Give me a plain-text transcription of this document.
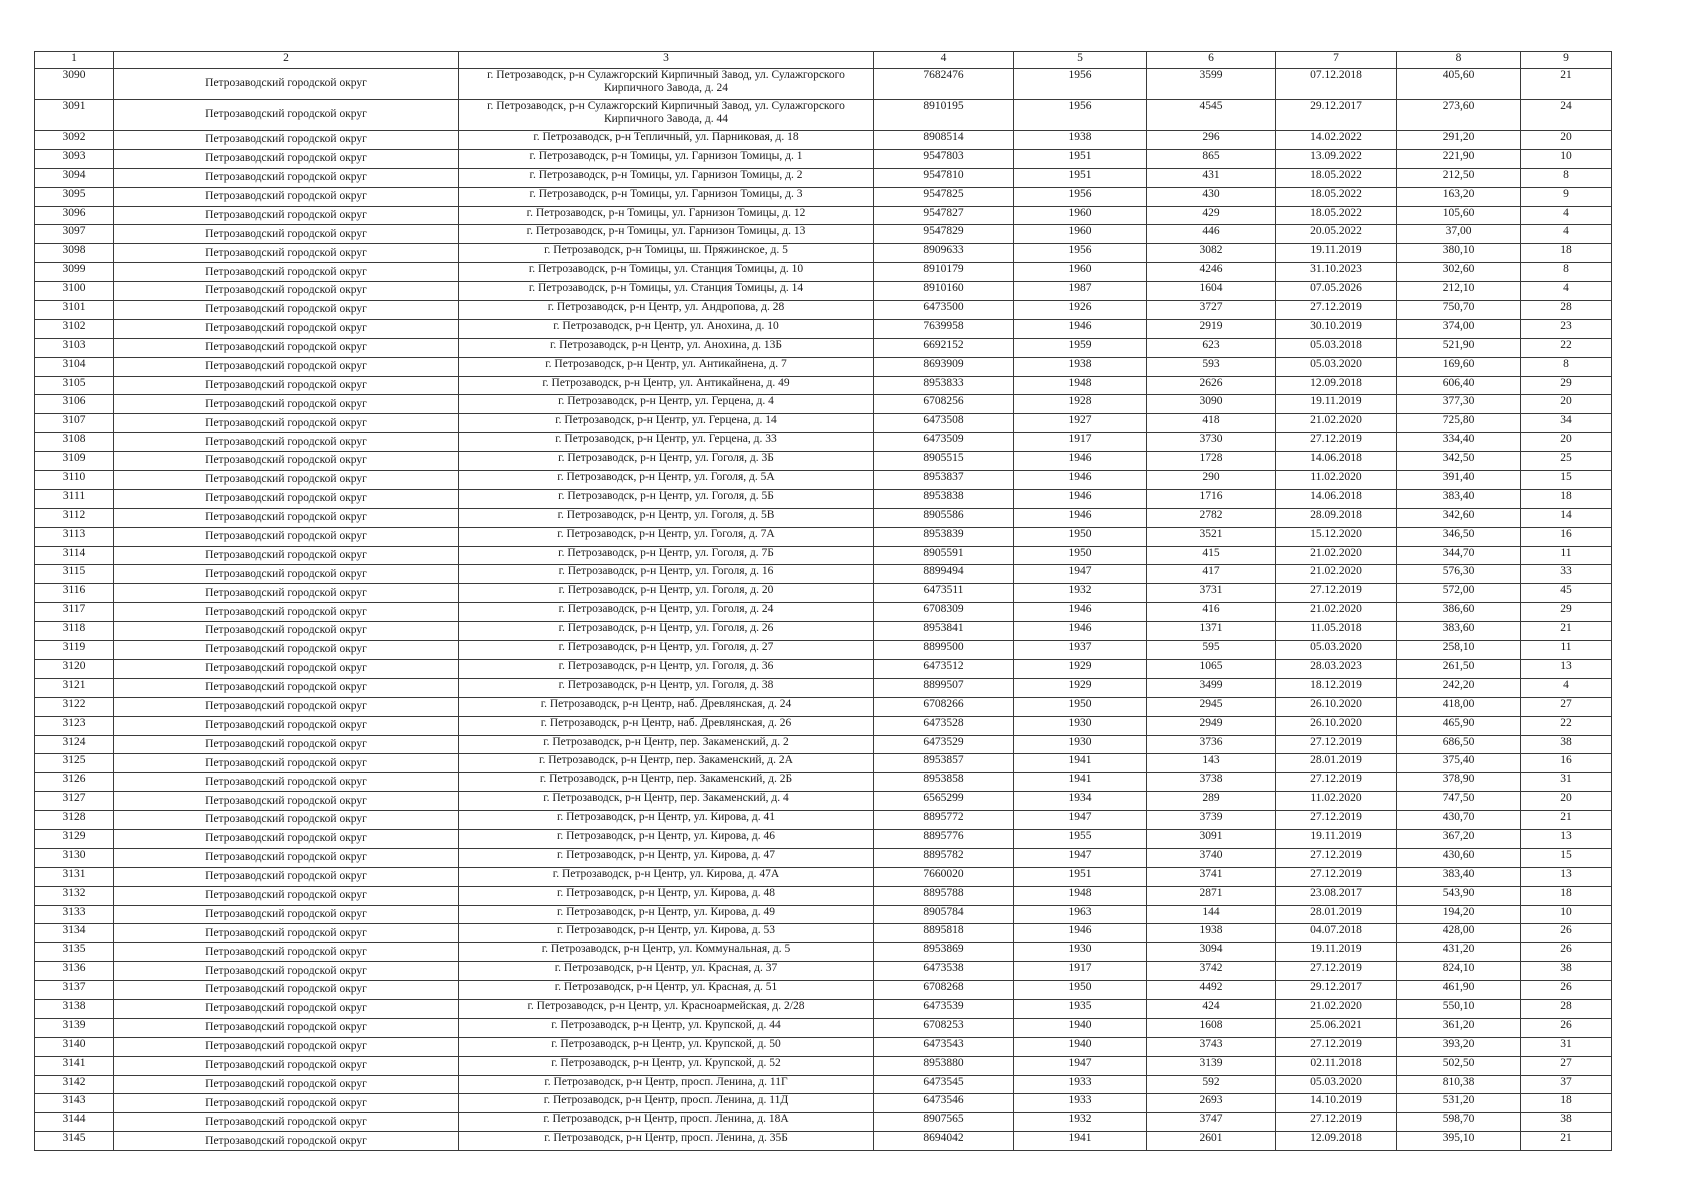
1	2	3	4	5	6	7	8	9
3090	Петрозаводский городской округ	г. Петрозаводск, р-н Сулажгорский Кирпичный Завод, ул. Сулажгорского Кирпичного Завода, д. 24	7682476	1956	3599	07.12.2018	405,60	21
3091	Петрозаводский городской округ	г. Петрозаводск, р-н Сулажгорский Кирпичный Завод, ул. Сулажгорского Кирпичного Завода, д. 44	8910195	1956	4545	29.12.2017	273,60	24
3092	Петрозаводский городской округ	г. Петрозаводск, р-н Тепличный, ул. Парниковая, д. 18	8908514	1938	296	14.02.2022	291,20	20
3093	Петрозаводский городской округ	г. Петрозаводск, р-н Томицы, ул. Гарнизон Томицы, д. 1	9547803	1951	865	13.09.2022	221,90	10
3094	Петрозаводский городской округ	г. Петрозаводск, р-н Томицы, ул. Гарнизон Томицы, д. 2	9547810	1951	431	18.05.2022	212,50	8
3095	Петрозаводский городской округ	г. Петрозаводск, р-н Томицы, ул. Гарнизон Томицы, д. 3	9547825	1956	430	18.05.2022	163,20	9
3096	Петрозаводский городской округ	г. Петрозаводск, р-н Томицы, ул. Гарнизон Томицы, д. 12	9547827	1960	429	18.05.2022	105,60	4
3097	Петрозаводский городской округ	г. Петрозаводск, р-н Томицы, ул. Гарнизон Томицы, д. 13	9547829	1960	446	20.05.2022	37,00	4
3098	Петрозаводский городской округ	г. Петрозаводск, р-н Томицы, ш. Пряжинское, д. 5	8909633	1956	3082	19.11.2019	380,10	18
3099	Петрозаводский городской округ	г. Петрозаводск, р-н Томицы, ул. Станция Томицы, д. 10	8910179	1960	4246	31.10.2023	302,60	8
3100	Петрозаводский городской округ	г. Петрозаводск, р-н Томицы, ул. Станция Томицы, д. 14	8910160	1987	1604	07.05.2026	212,10	4
3101	Петрозаводский городской округ	г. Петрозаводск, р-н Центр, ул. Андропова, д. 28	6473500	1926	3727	27.12.2019	750,70	28
3102	Петрозаводский городской округ	г. Петрозаводск, р-н Центр, ул. Анохина, д. 10	7639958	1946	2919	30.10.2019	374,00	23
3103	Петрозаводский городской округ	г. Петрозаводск, р-н Центр, ул. Анохина, д. 13Б	6692152	1959	623	05.03.2018	521,90	22
3104	Петрозаводский городской округ	г. Петрозаводск, р-н Центр, ул. Антикайнена, д. 7	8693909	1938	593	05.03.2020	169,60	8
3105	Петрозаводский городской округ	г. Петрозаводск, р-н Центр, ул. Антикайнена, д. 49	8953833	1948	2626	12.09.2018	606,40	29
3106	Петрозаводский городской округ	г. Петрозаводск, р-н Центр, ул. Герцена, д. 4	6708256	1928	3090	19.11.2019	377,30	20
3107	Петрозаводский городской округ	г. Петрозаводск, р-н Центр, ул. Герцена, д. 14	6473508	1927	418	21.02.2020	725,80	34
3108	Петрозаводский городской округ	г. Петрозаводск, р-н Центр, ул. Герцена, д. 33	6473509	1917	3730	27.12.2019	334,40	20
3109	Петрозаводский городской округ	г. Петрозаводск, р-н Центр, ул. Гоголя, д. 3Б	8905515	1946	1728	14.06.2018	342,50	25
3110	Петрозаводский городской округ	г. Петрозаводск, р-н Центр, ул. Гоголя, д. 5А	8953837	1946	290	11.02.2020	391,40	15
3111	Петрозаводский городской округ	г. Петрозаводск, р-н Центр, ул. Гоголя, д. 5Б	8953838	1946	1716	14.06.2018	383,40	18
3112	Петрозаводский городской округ	г. Петрозаводск, р-н Центр, ул. Гоголя, д. 5В	8905586	1946	2782	28.09.2018	342,60	14
3113	Петрозаводский городской округ	г. Петрозаводск, р-н Центр, ул. Гоголя, д. 7А	8953839	1950	3521	15.12.2020	346,50	16
3114	Петрозаводский городской округ	г. Петрозаводск, р-н Центр, ул. Гоголя, д. 7Б	8905591	1950	415	21.02.2020	344,70	11
3115	Петрозаводский городской округ	г. Петрозаводск, р-н Центр, ул. Гоголя, д. 16	8899494	1947	417	21.02.2020	576,30	33
3116	Петрозаводский городской округ	г. Петрозаводск, р-н Центр, ул. Гоголя, д. 20	6473511	1932	3731	27.12.2019	572,00	45
3117	Петрозаводский городской округ	г. Петрозаводск, р-н Центр, ул. Гоголя, д. 24	6708309	1946	416	21.02.2020	386,60	29
3118	Петрозаводский городской округ	г. Петрозаводск, р-н Центр, ул. Гоголя, д. 26	8953841	1946	1371	11.05.2018	383,60	21
3119	Петрозаводский городской округ	г. Петрозаводск, р-н Центр, ул. Гоголя, д. 27	8899500	1937	595	05.03.2020	258,10	11
3120	Петрозаводский городской округ	г. Петрозаводск, р-н Центр, ул. Гоголя, д. 36	6473512	1929	1065	28.03.2023	261,50	13
3121	Петрозаводский городской округ	г. Петрозаводск, р-н Центр, ул. Гоголя, д. 38	8899507	1929	3499	18.12.2019	242,20	4
3122	Петрозаводский городской округ	г. Петрозаводск, р-н Центр, наб. Древлянская, д. 24	6708266	1950	2945	26.10.2020	418,00	27
3123	Петрозаводский городской округ	г. Петрозаводск, р-н Центр, наб. Древлянская, д. 26	6473528	1930	2949	26.10.2020	465,90	22
3124	Петрозаводский городской округ	г. Петрозаводск, р-н Центр, пер. Закаменский, д. 2	6473529	1930	3736	27.12.2019	686,50	38
3125	Петрозаводский городской округ	г. Петрозаводск, р-н Центр, пер. Закаменский, д. 2А	8953857	1941	143	28.01.2019	375,40	16
3126	Петрозаводский городской округ	г. Петрозаводск, р-н Центр, пер. Закаменский, д. 2Б	8953858	1941	3738	27.12.2019	378,90	31
3127	Петрозаводский городской округ	г. Петрозаводск, р-н Центр, пер. Закаменский, д. 4	6565299	1934	289	11.02.2020	747,50	20
3128	Петрозаводский городской округ	г. Петрозаводск, р-н Центр, ул. Кирова, д. 41	8895772	1947	3739	27.12.2019	430,70	21
3129	Петрозаводский городской округ	г. Петрозаводск, р-н Центр, ул. Кирова, д. 46	8895776	1955	3091	19.11.2019	367,20	13
3130	Петрозаводский городской округ	г. Петрозаводск, р-н Центр, ул. Кирова, д. 47	8895782	1947	3740	27.12.2019	430,60	15
3131	Петрозаводский городской округ	г. Петрозаводск, р-н Центр, ул. Кирова, д. 47А	7660020	1951	3741	27.12.2019	383,40	13
3132	Петрозаводский городской округ	г. Петрозаводск, р-н Центр, ул. Кирова, д. 48	8895788	1948	2871	23.08.2017	543,90	18
3133	Петрозаводский городской округ	г. Петрозаводск, р-н Центр, ул. Кирова, д. 49	8905784	1963	144	28.01.2019	194,20	10
3134	Петрозаводский городской округ	г. Петрозаводск, р-н Центр, ул. Кирова, д. 53	8895818	1946	1938	04.07.2018	428,00	26
3135	Петрозаводский городской округ	г. Петрозаводск, р-н Центр, ул. Коммунальная, д. 5	8953869	1930	3094	19.11.2019	431,20	26
3136	Петрозаводский городской округ	г. Петрозаводск, р-н Центр, ул. Красная, д. 37	6473538	1917	3742	27.12.2019	824,10	38
3137	Петрозаводский городской округ	г. Петрозаводск, р-н Центр, ул. Красная, д. 51	6708268	1950	4492	29.12.2017	461,90	26
3138	Петрозаводский городской округ	г. Петрозаводск, р-н Центр, ул. Красноармейская, д. 2/28	6473539	1935	424	21.02.2020	550,10	28
3139	Петрозаводский городской округ	г. Петрозаводск, р-н Центр, ул. Крупской, д. 44	6708253	1940	1608	25.06.2021	361,20	26
3140	Петрозаводский городской округ	г. Петрозаводск, р-н Центр, ул. Крупской, д. 50	6473543	1940	3743	27.12.2019	393,20	31
3141	Петрозаводский городской округ	г. Петрозаводск, р-н Центр, ул. Крупской, д. 52	8953880	1947	3139	02.11.2018	502,50	27
3142	Петрозаводский городской округ	г. Петрозаводск, р-н Центр, просп. Ленина, д. 11Г	6473545	1933	592	05.03.2020	810,38	37
3143	Петрозаводский городской округ	г. Петрозаводск, р-н Центр, просп. Ленина, д. 11Д	6473546	1933	2693	14.10.2019	531,20	18
3144	Петрозаводский городской округ	г. Петрозаводск, р-н Центр, просп. Ленина, д. 18А	8907565	1932	3747	27.12.2019	598,70	38
3145	Петрозаводский городской округ	г. Петрозаводск, р-н Центр, просп. Ленина, д. 35Б	8694042	1941	2601	12.09.2018	395,10	21
